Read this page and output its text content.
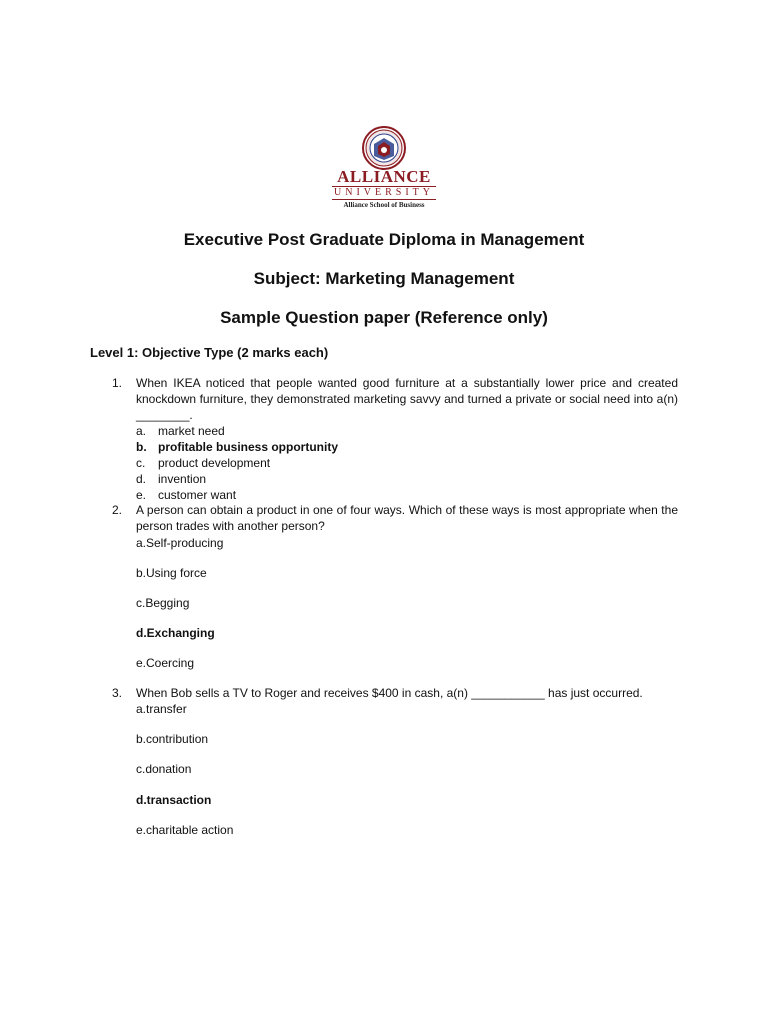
ALLIANCE
UNIVERSITY
Alliance School of Business
Executive Post Graduate Diploma in Management
Subject: Marketing Management
Sample Question paper (Reference only)
Level 1: Objective Type (2 marks each)
1. When IKEA noticed that people wanted good furniture at a substantially lower price and created knockdown furniture, they demonstrated marketing savvy and turned a private or social need into a(n) ________.
a. market need
b. profitable business opportunity
c. product development
d. invention
e. customer want
2. A person can obtain a product in one of four ways. Which of these ways is most appropriate when the person trades with another person?
a.Self-producing
b.Using force
c.Begging
d.Exchanging
e.Coercing
3. When Bob sells a TV to Roger and receives $400 in cash, a(n) ___________ has just occurred.
a.transfer
b.contribution
c.donation
d.transaction
e.charitable action
